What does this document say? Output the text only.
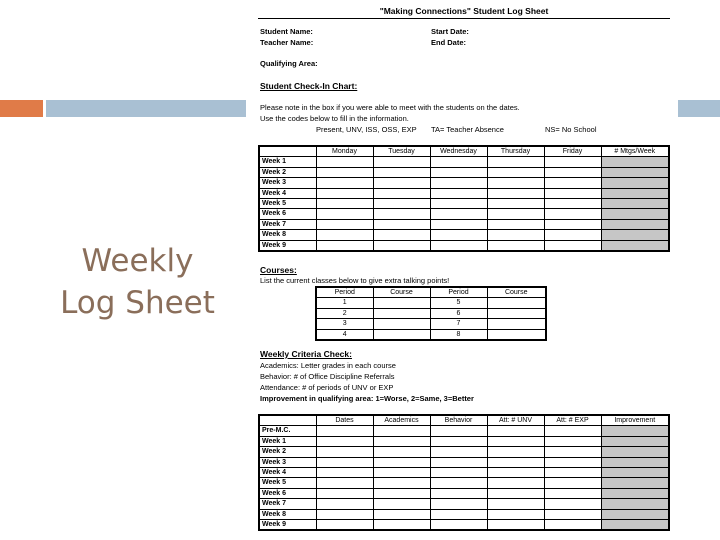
Weekly
Log Sheet
"Making Connections" Student Log Sheet
Student Name:
Teacher Name:
Start Date:
End Date:
Qualifying Area:
Student Check-In Chart:
Please note in the box if you were able to meet with the students on the dates.
Use the codes below to fill in the information.
Present, UNV, ISS, OSS, EXP TA= Teacher Absence	NS= No School
	Monday	Tuesday	Wednesday	Thursday	Friday	# Mtgs/Week
Week 1						
Week 2						
Week 3						
Week 4						
Week 5						
Week 6						
Week 7						
Week 8						
Week 9						
Courses:
List the current classes below to give extra talking points!
Period	Course	Period	Course
1		5	
2		6	
3		7	
4		8	
Weekly Criteria Check:
Academics: Letter grades in each course
Behavior: # of Office Discipline Referrals
Attendance: # of periods of UNV or EXP
Improvement in qualifying area: 1=Worse, 2=Same, 3=Better
	Dates	Academics	Behavior	Att: # UNV	Att: # EXP	Improvement
Pre-M.C.						
Week 1						
Week 2						
Week 3						
Week 4						
Week 5						
Week 6						
Week 7						
Week 8						
Week 9						
